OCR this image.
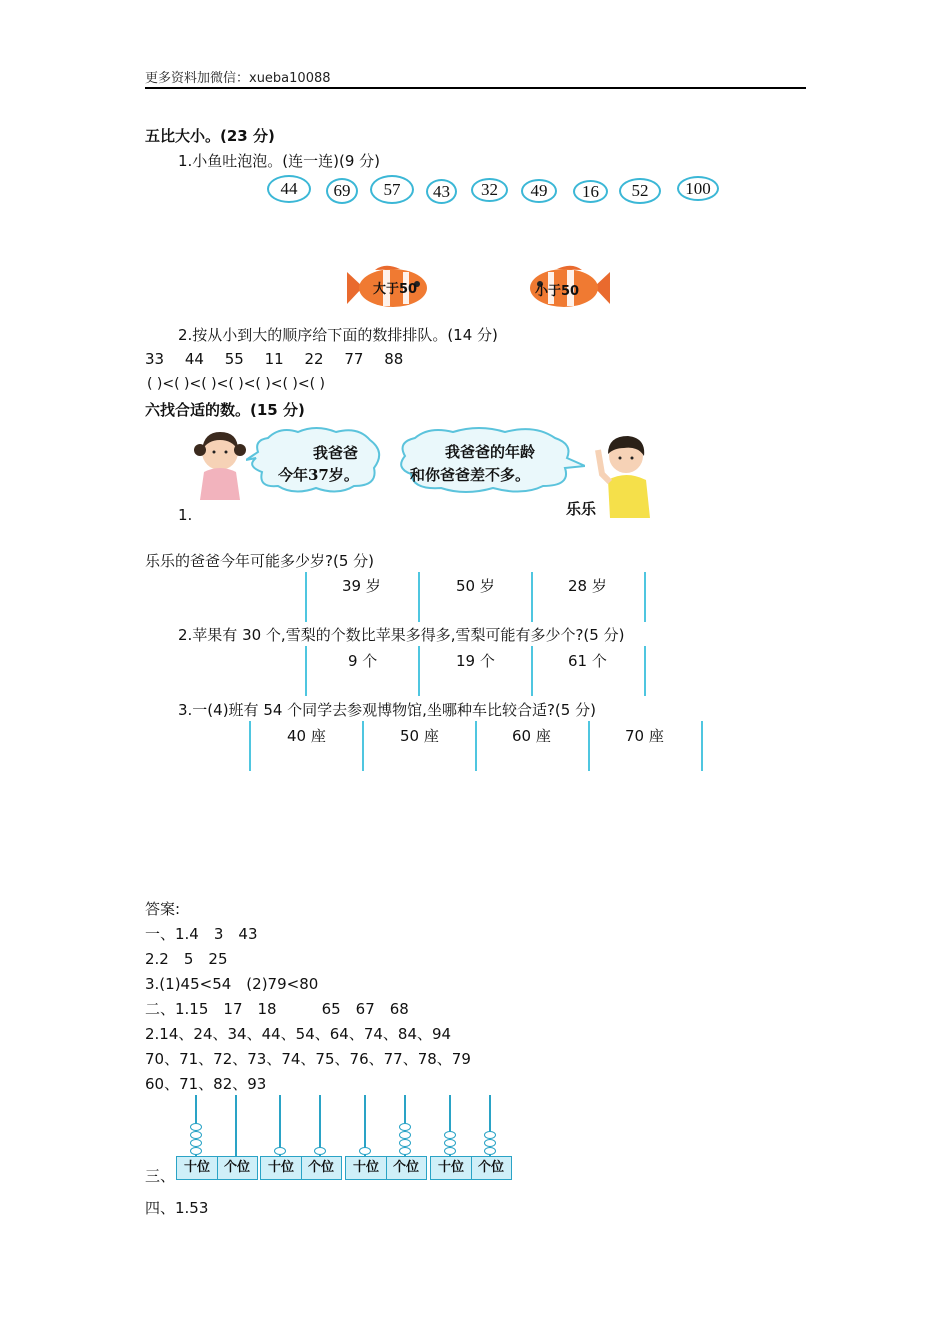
更多资料加微信：xueba10088
五比大小。(23 分)
1.小鱼吐泡泡。(连一连)(9 分)
44	69	57	43	32	49	16	52	100
大于50	小于50
2.按从小到大的顺序给下面的数排排队。(14 分)
33 44 55 11 22 77 88
( )<( )<( )<( )<( )<( )<( )
六找合适的数。(15 分)
我爸爸
今年37岁。
我爸爸的年龄
和你爸爸差不多。
乐乐
1.
乐乐的爸爸今年可能多少岁?(5 分)
39 岁	50 岁	28 岁
2.苹果有 30 个,雪梨的个数比苹果多得多,雪梨可能有多少个?(5 分)
9 个	19 个	61 个
3.一(4)班有 54 个同学去参观博物馆,坐哪种车比较合适?(5 分)
40 座	50 座	60 座	70 座
答案:
一、1.4　3　43
2.2　5　25
3.(1)45<54　(2)79<80
二、1.15　17　18　　　65　67　68
2.14、24、34、44、54、64、74、84、94
70、71、72、73、74、75、76、77、78、79
60、71、82、93
三、 十位	个位	十位	个位	十位	个位	十位	个位
四、1.53
